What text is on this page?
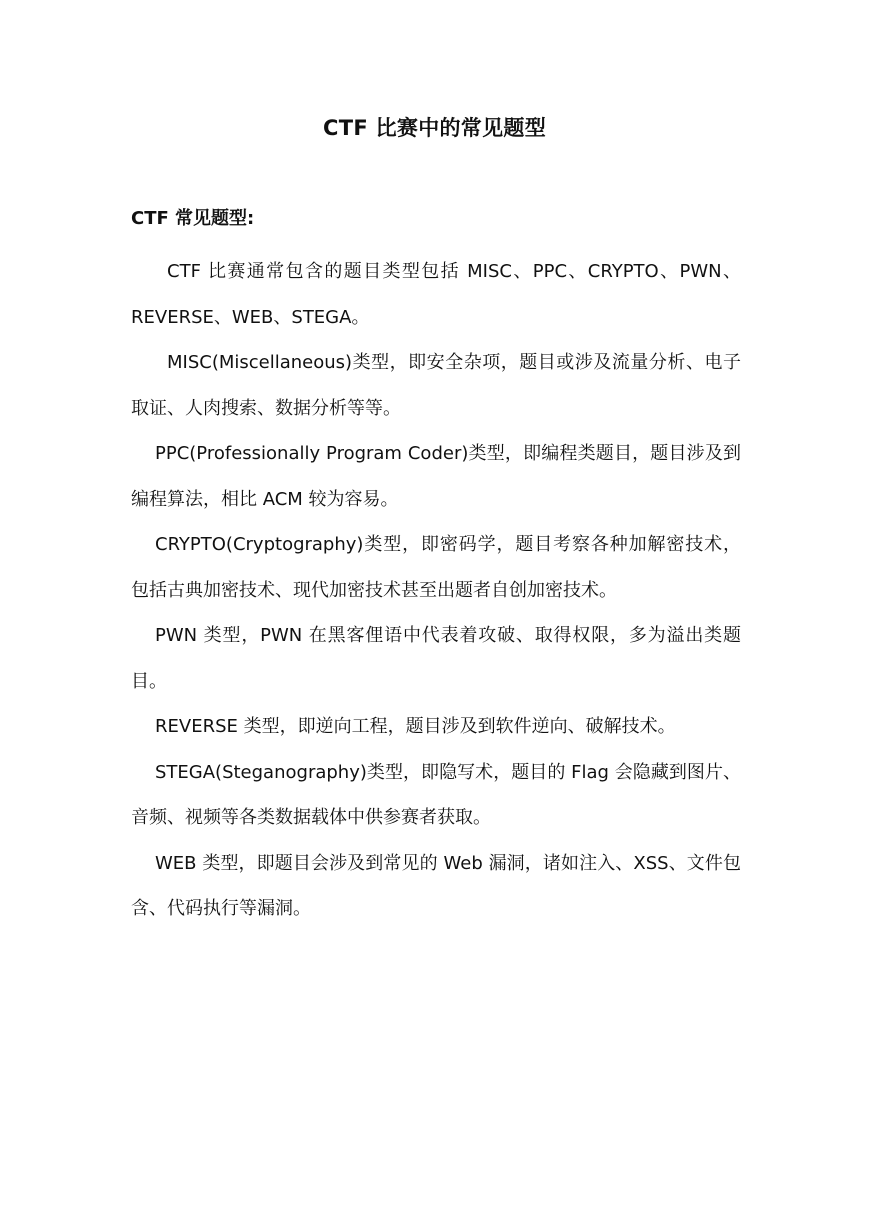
CTF 比赛中的常见题型
CTF 常见题型:

CTF 比赛通常包含的题目类型包括 MISC、PPC、CRYPTO、PWN、REVERSE、WEB、STEGA。

MISC(Miscellaneous)类型，即安全杂项，题目或涉及流量分析、电子取证、人肉搜索、数据分析等等。

PPC(Professionally Program Coder)类型，即编程类题目，题目涉及到编程算法，相比 ACM 较为容易。

CRYPTO(Cryptography)类型，即密码学，题目考察各种加解密技术，包括古典加密技术、现代加密技术甚至出题者自创加密技术。

PWN 类型，PWN 在黑客俚语中代表着攻破、取得权限，多为溢出类题目。

REVERSE 类型，即逆向工程，题目涉及到软件逆向、破解技术。

STEGA(Steganography)类型，即隐写术，题目的 Flag 会隐藏到图片、音频、视频等各类数据载体中供参赛者获取。

WEB 类型，即题目会涉及到常见的 Web 漏洞，诸如注入、XSS、文件包含、代码执行等漏洞。
